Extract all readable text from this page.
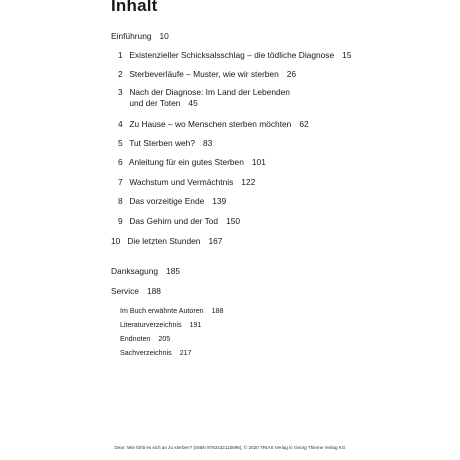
Inhalt
Einführung 10
1 Existenzieller Schicksalsschlag – die tödliche Diagnose 15
2 Sterbeverläufe – Muster, wie wir sterben 26
3 Nach der Diagnose: Im Land der Lebenden
und der Toten 45
4 Zu Hause – wo Menschen sterben möchten 62
5 Tut Sterben weh? 83
6 Anleitung für ein gutes Sterben 101
7 Wachstum und Vermächtnis 122
8 Das vorzeitige Ende 139
9 Das Gehirn und der Tod 150
10 Die letzten Stunden 167
Danksagung 185
Service 188
Im Buch erwähnte Autoren 188
Literaturverzeichnis 191
Endnoten 205
Sachverzeichnis 217
Dear: Wie fühlt es sich an zu sterben? (ISBN 9783432110896), © 2020 TRIAS Verlag in Georg Thieme Verlag KG
